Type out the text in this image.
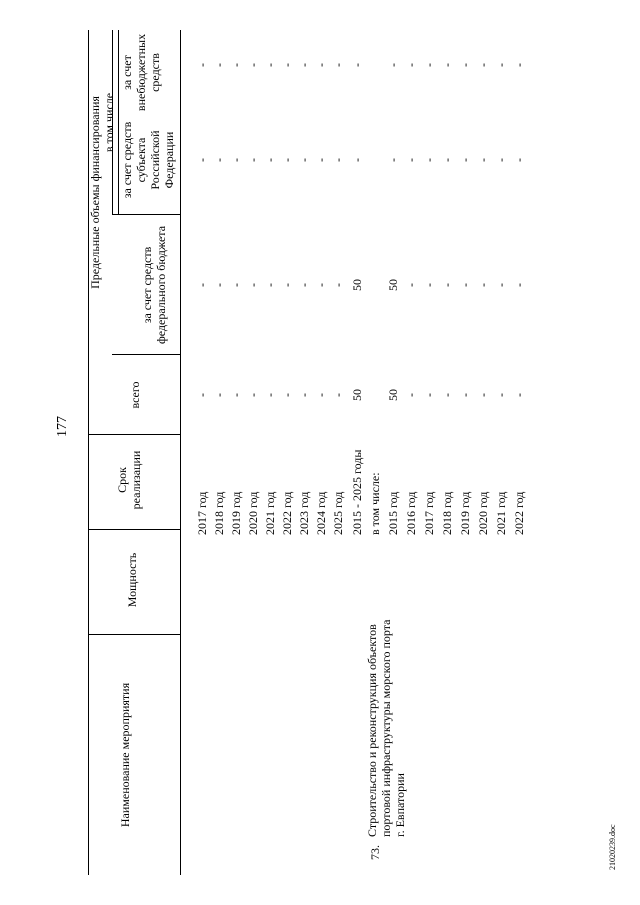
177
21020239.doc
Наименование мероприятия
Мощность
Срок реализации
Предельные объемы финансирования
всего
в том числе
за счет средств федерального бюджета
за счет средств субъекта Российской Федерации
за счет внебюджетных средств
73.
Строительство и реконструкция объектов портовой инфраструктуры морского порта г. Евпатории
2017 год
-
-
-
-
2018 год
-
-
-
-
2019 год
-
-
-
-
2020 год
-
-
-
-
2021 год
-
-
-
-
2022 год
-
-
-
-
2023 год
-
-
-
-
2024 год
-
-
-
-
2025 год
-
-
-
-
2015 - 2025 годы
50
50
-
-
в том числе: 2015 год
50
50
-
-
2016 год
-
-
-
-
2017 год
-
-
-
-
2018 год
-
-
-
-
2019 год
-
-
-
-
2020 год
-
-
-
-
2021 год
-
-
-
-
2022 год
-
-
-
-
